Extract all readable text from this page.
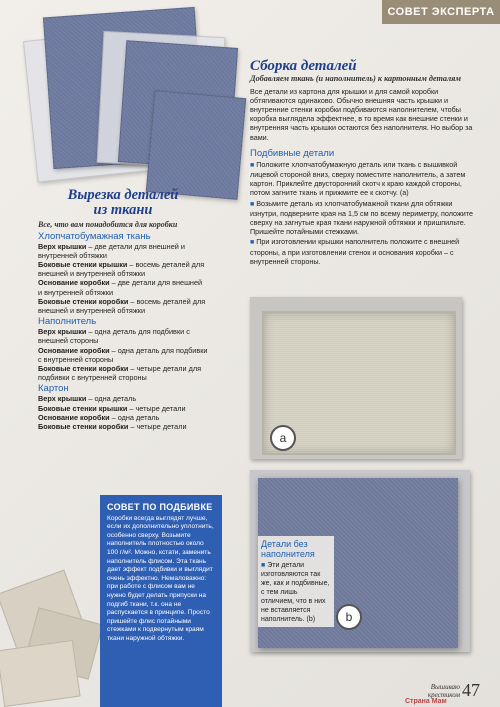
СОВЕТ ЭКСПЕРТА
Вырезка деталей
из ткани
Все, что вам понадобится для коробки
Хлопчатобумажная ткань
Верх крышки – две детали для внешней и внутренней обтяжки
Боковые стенки крышки – восемь деталей для внешней и внутренней обтяжки
Основание коробки – две детали для внешней и внутренней обтяжки
Боковые стенки коробки – восемь деталей для внешней и внутренней обтяжки
Наполнитель
Верх крышки – одна деталь для подбивки с внешней стороны
Основание коробки – одна деталь для подбивки с внутренней стороны
Боковые стенки коробки – четыре детали для подбивки с внутренней стороны
Картон
Верх крышки – одна деталь
Боковые стенки крышки – четыре детали
Основание коробки – одна деталь
Боковые стенки коробки – четыре детали
Сборка деталей
Добавляем ткань (и наполнитель) к картонным деталям
Все детали из картона для крышки и для самой коробки обтягиваются одинаково. Обычно внешняя часть крышки и внутренние стенки коробки подбиваются наполнителем, чтобы коробка выглядела эффектнее, в то время как внешние стенки и внутренняя часть крышки остаются без наполнителя. Но выбор за вами.
Подбивные детали
■ Положите хлопчатобумажную деталь или ткань с вышивкой лицевой стороной вниз, сверху поместите наполнитель, а затем картон. Приклейте двусторонний скотч к краю каждой стороны, потом загните ткань и прижмите ее к скотчу. (a)
■ Возьмите деталь из хлопчатобумажной ткани для обтяжки изнутри, подверните края на 1,5 см по всему периметру, положите сверху на загнутые края ткани наружной обтяжки и пришпильте. Пришейте потайными стежками.
■ При изготовлении крышки наполнитель положите с внешней стороны, а при изготовлении стенок и основания коробки – с внутренней стороны.
a
b
Детали без наполнителя
■ Эти детали изготовляются так же, как и подбивные, с тем лишь отличием, что в них не вставляется наполнитель. (b)
СОВЕТ ПО ПОДБИВКЕ
Коробки всегда выглядят лучше, если их дополнительно уплотнить, особенно сверху. Возьмите наполнитель плотностью около 100 г/м². Можно, кстати, заменить наполнитель флисом. Эта ткань дает эффект подбивки и выглядит очень эффектно. Немаловажно: при работе с флисом вам не нужно будет делать припуски на подгиб ткани, т.к. она не распускается в принципе. Просто пришейте флис потайными стежками к подвернутым краям ткани наружной обтяжки.
Вышиваю крестиком 47
Страна Мам
